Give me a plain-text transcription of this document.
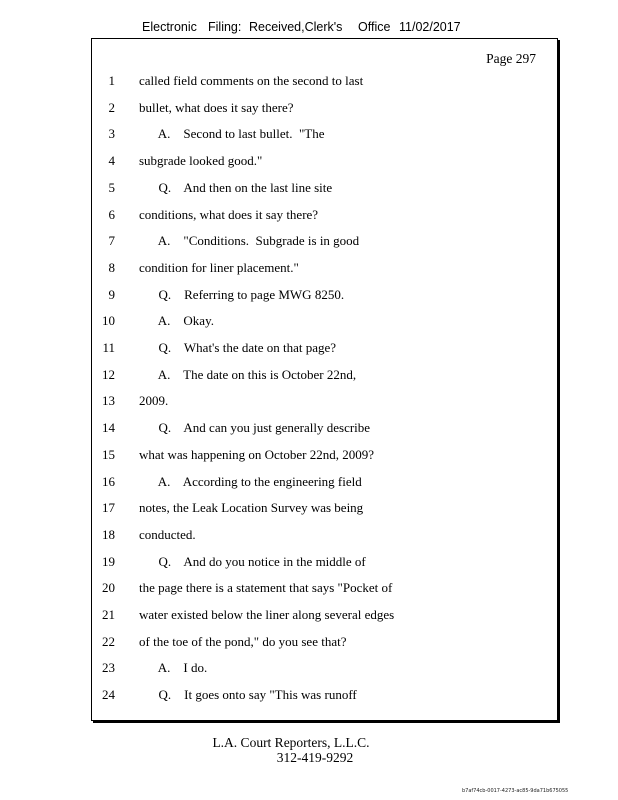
Electronic Filing: Received,Clerk's Office 11/02/2017
Page 297
1 called field comments on the second to last
2 bullet, what does it say there?
3 A.    Second to last bullet.  "The
4 subgrade looked good."
5 Q.    And then on the last line site
6 conditions, what does it say there?
7 A.    "Conditions.  Subgrade is in good
8 condition for liner placement."
9 Q.    Referring to page MWG 8250.
10 A.    Okay.
11 Q.    What's the date on that page?
12 A.    The date on this is October 22nd,
13 2009.
14 Q.    And can you just generally describe
15 what was happening on October 22nd, 2009?
16 A.    According to the engineering field
17 notes, the Leak Location Survey was being
18 conducted.
19 Q.    And do you notice in the middle of
20 the page there is a statement that says "Pocket of
21 water existed below the liner along several edges
22 of the toe of the pond," do you see that?
23 A.    I do.
24 Q.    It goes onto say "This was runoff
L.A. Court Reporters, L.L.C.
312-419-9292
b7af74cb-0017-4273-ac85-9da71b675055
